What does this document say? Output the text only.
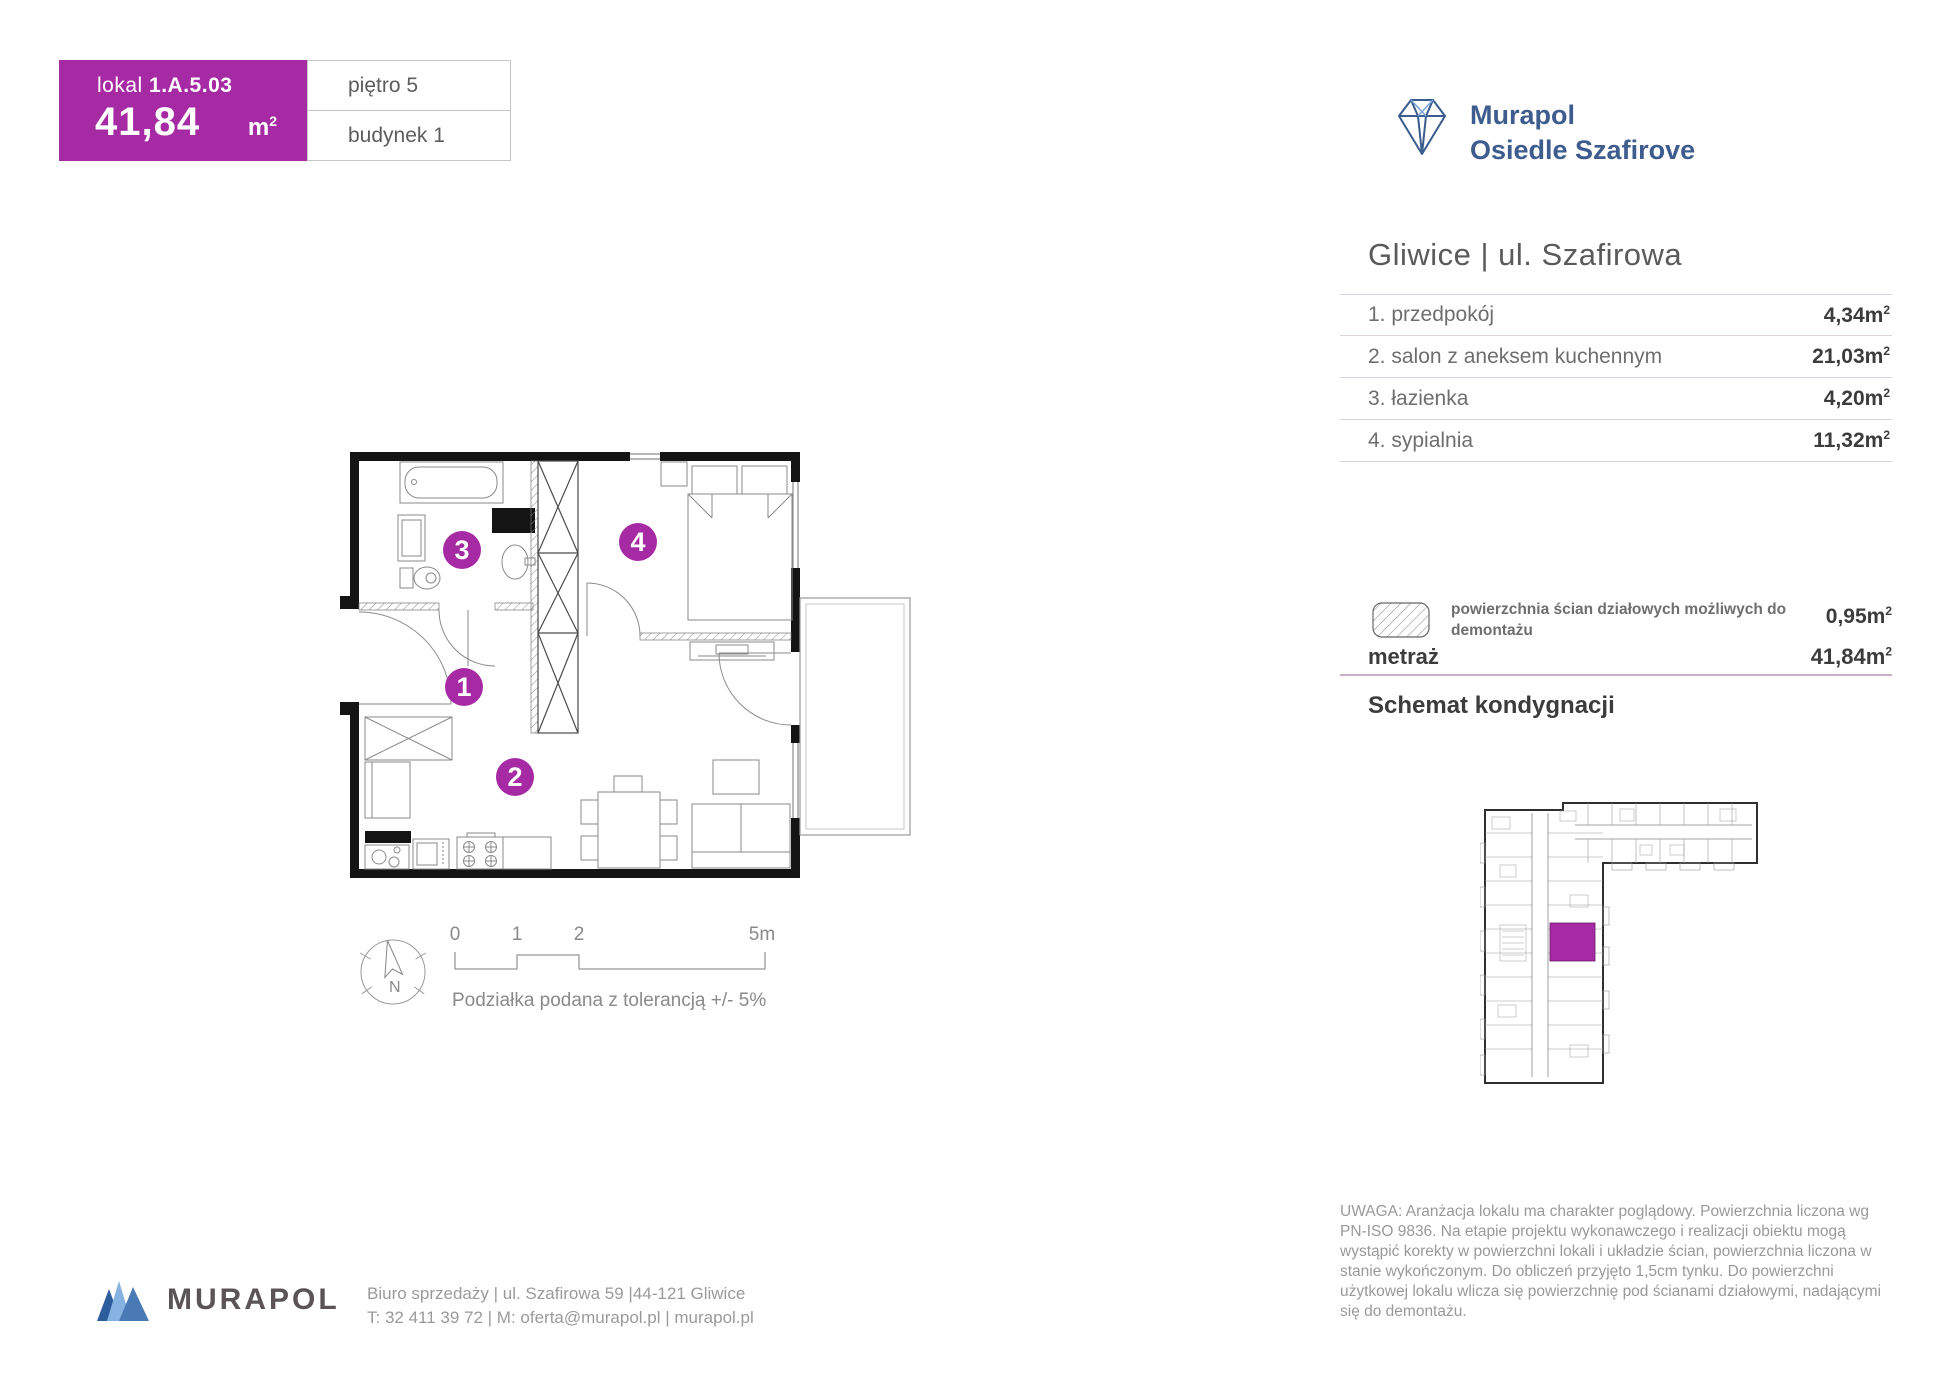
lokal 1.A.5.03
41,84 $m^2$
piętro 5
budynek 1
Murapol
Osiedle Szafirove
Gliwice | ul. Szafirowa
1. przedpokój	$4,34m^2$
2. salon z aneksem kuchennym	$21,03m^2$
3. łazienka	$4,20m^2$
4. sypialnia	$11,32m^2$
powierzchnia ścian działowych możliwych do demontażu
$0,95m^2$
metraż	$41,84m^2$
Schemat kondygnacji
1
2
3	4
N
0	1	2	5m
Podziałka podana z tolerancją +/- 5%
MURAPOL Biuro sprzedaży | ul. Szafirowa 59 |44-121 Gliwice
T: 32 411 39 72 | M: oferta@murapol.pl | murapol.pl
UWAGA: Aranżacja lokalu ma charakter poglądowy. Powierzchnia liczona wg PN-ISO 9836. Na etapie projektu wykonawczego i realizacji obiektu mogą wystąpić korekty w powierzchni lokali i układzie ścian, powierzchnia liczona w stanie wykończonym. Do obliczeń przyjęto 1,5cm tynku. Do powierzchni użytkowej lokalu wlicza się powierzchnię pod ścianami działowymi, nadającymi się do demontażu.
